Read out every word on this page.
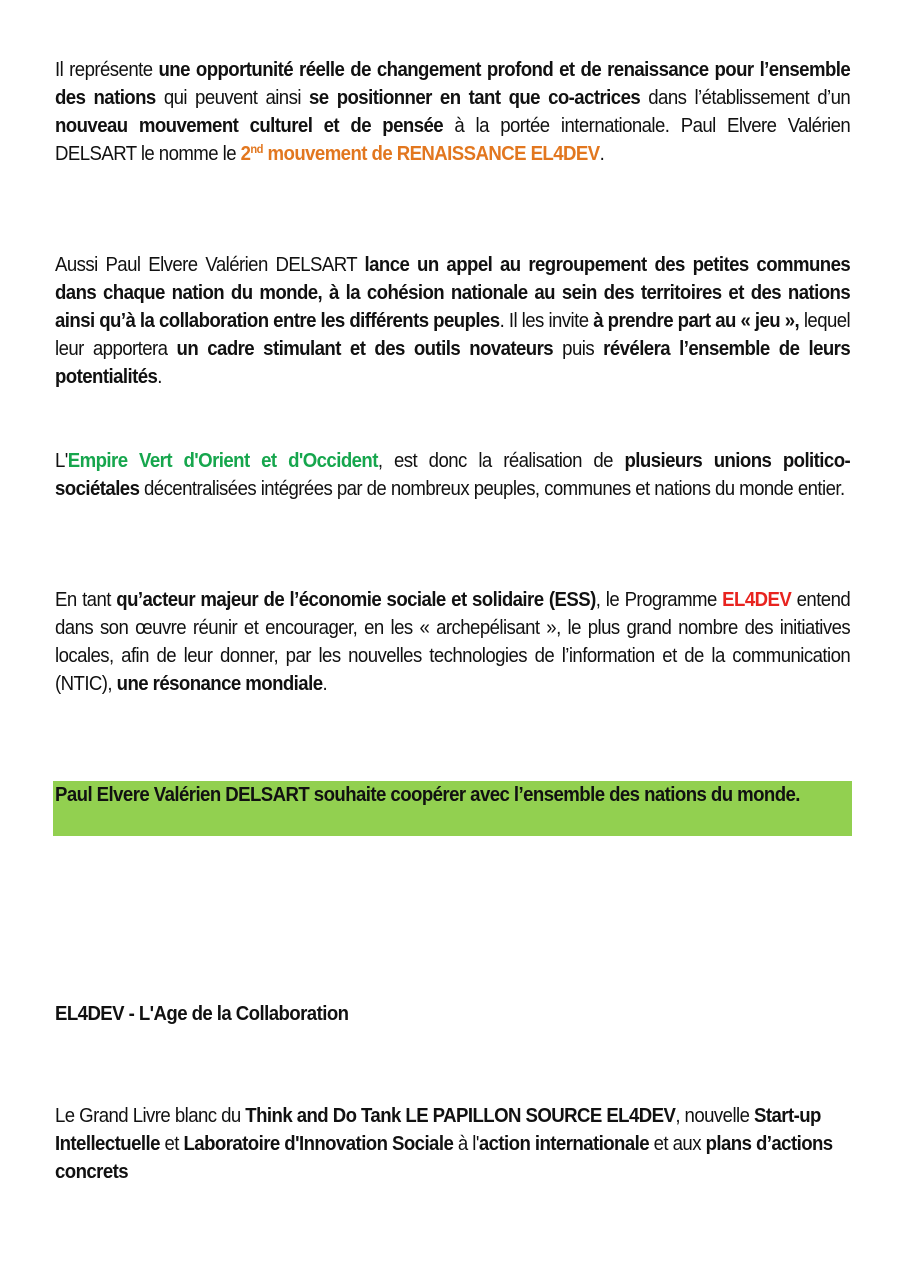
Il représente une opportunité réelle de changement profond et de renaissance pour l’ensemble des nations qui peuvent ainsi se positionner en tant que co-actrices dans l’établissement d’un nouveau mouvement culturel et de pensée à la portée internationale. Paul Elvere Valérien DELSART le nomme le 2nd mouvement de RENAISSANCE EL4DEV.

Aussi Paul Elvere Valérien DELSART lance un appel au regroupement des petites communes dans chaque nation du monde, à la cohésion nationale au sein des territoires et des nations ainsi qu’à la collaboration entre les différents peuples. Il les invite à prendre part au « jeu », lequel leur apportera un cadre stimulant et des outils novateurs puis révélera l’ensemble de leurs potentialités.

L'Empire Vert d'Orient et d'Occident, est donc la réalisation de plusieurs unions politico-sociétales décentralisées intégrées par de nombreux peuples, communes et nations du monde entier.

En tant qu’acteur majeur de l’économie sociale et solidaire (ESS), le Programme EL4DEV entend dans son œuvre réunir et encourager, en les « archepélisant », le plus grand nombre des initiatives locales, afin de leur donner, par les nouvelles technologies de l’information et de la communication (NTIC), une résonance mondiale.

Paul Elvere Valérien DELSART souhaite coopérer avec l’ensemble des nations du monde.

EL4DEV - L'Age de la Collaboration

Le Grand Livre blanc du Think and Do Tank LE PAPILLON SOURCE EL4DEV, nouvelle Start-up Intellectuelle et Laboratoire d'Innovation Sociale à l'action internationale et aux plans d’actions concrets
